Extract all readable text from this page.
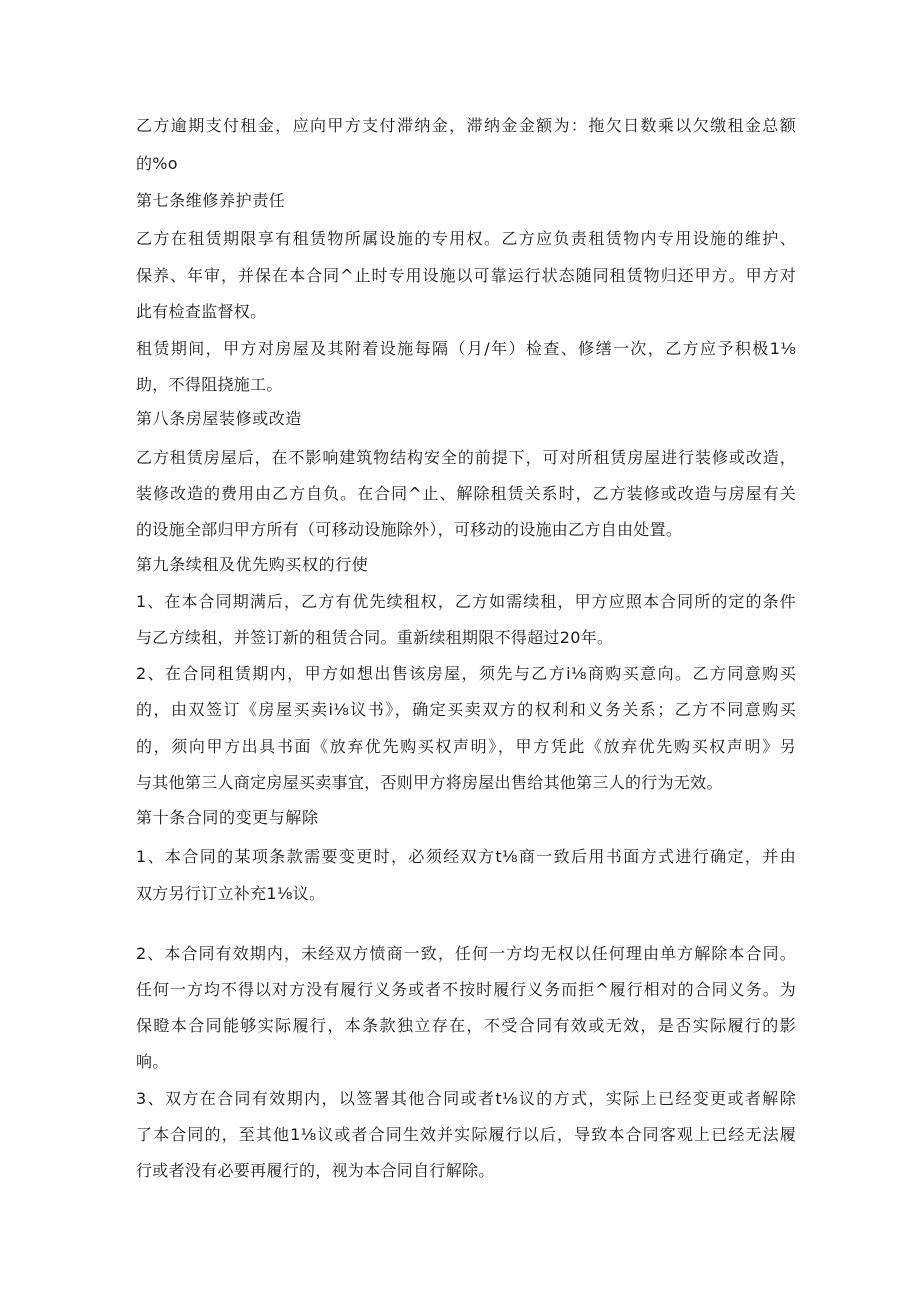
乙方逾期支付租金，应向甲方支付滞纳金，滞纳金金额为：拖欠日数乘以欠缴租金总额
的%o
第七条维修养护责任
乙方在租赁期限享有租赁物所属设施的专用权。乙方应负责租赁物内专用设施的维护、
保养、年审，并保在本合同^止时专用设施以可靠运行状态随同租赁物归还甲方。甲方对
此有检查监督权。
租赁期间，甲方对房屋及其附着设施每隔（月/年）检查、修缮一次，乙方应予积极1⅛
助，不得阻挠施工。
第八条房屋装修或改造
乙方租赁房屋后，在不影响建筑物结构安全的前提下，可对所租赁房屋进行装修或改造，
装修改造的费用由乙方自负。在合同^止、解除租赁关系时，乙方装修或改造与房屋有关
的设施全部归甲方所有（可移动设施除外），可移动的设施由乙方自由处置。
第九条续租及优先购买权的行使
1、在本合同期满后，乙方有优先续租权，乙方如需续租，甲方应照本合同所的定的条件
与乙方续租，并签订新的租赁合同。重新续租期限不得超过20年。
2、在合同租赁期内，甲方如想出售该房屋，须先与乙方i⅛商购买意向。乙方同意购买
的，由双签订《房屋买卖i⅛议书》，确定买卖双方的权利和义务关系；乙方不同意购买
的，须向甲方出具书面《放弃优先购买权声明》，甲方凭此《放弃优先购买权声明》另
与其他第三人商定房屋买卖事宜，否则甲方将房屋出售给其他第三人的行为无效。
第十条合同的变更与解除
1、本合同的某项条款需要变更时，必须经双方t⅛商一致后用书面方式进行确定，并由
双方另行订立补充1⅛议。
2、本合同有效期内，未经双方愤商一致，任何一方均无权以任何理由单方解除本合同。
任何一方均不得以对方没有履行义务或者不按时履行义务而拒^履行相对的合同义务。为
保瞪本合同能够实际履行，本条款独立存在，不受合同有效或无效，是否实际履行的影
响。
3、双方在合同有效期内，以签署其他合同或者t⅛议的方式，实际上已经变更或者解除
了本合同的，至其他1⅛议或者合同生效并实际履行以后，导致本合同客观上已经无法履
行或者没有必要再履行的，视为本合同自行解除。
